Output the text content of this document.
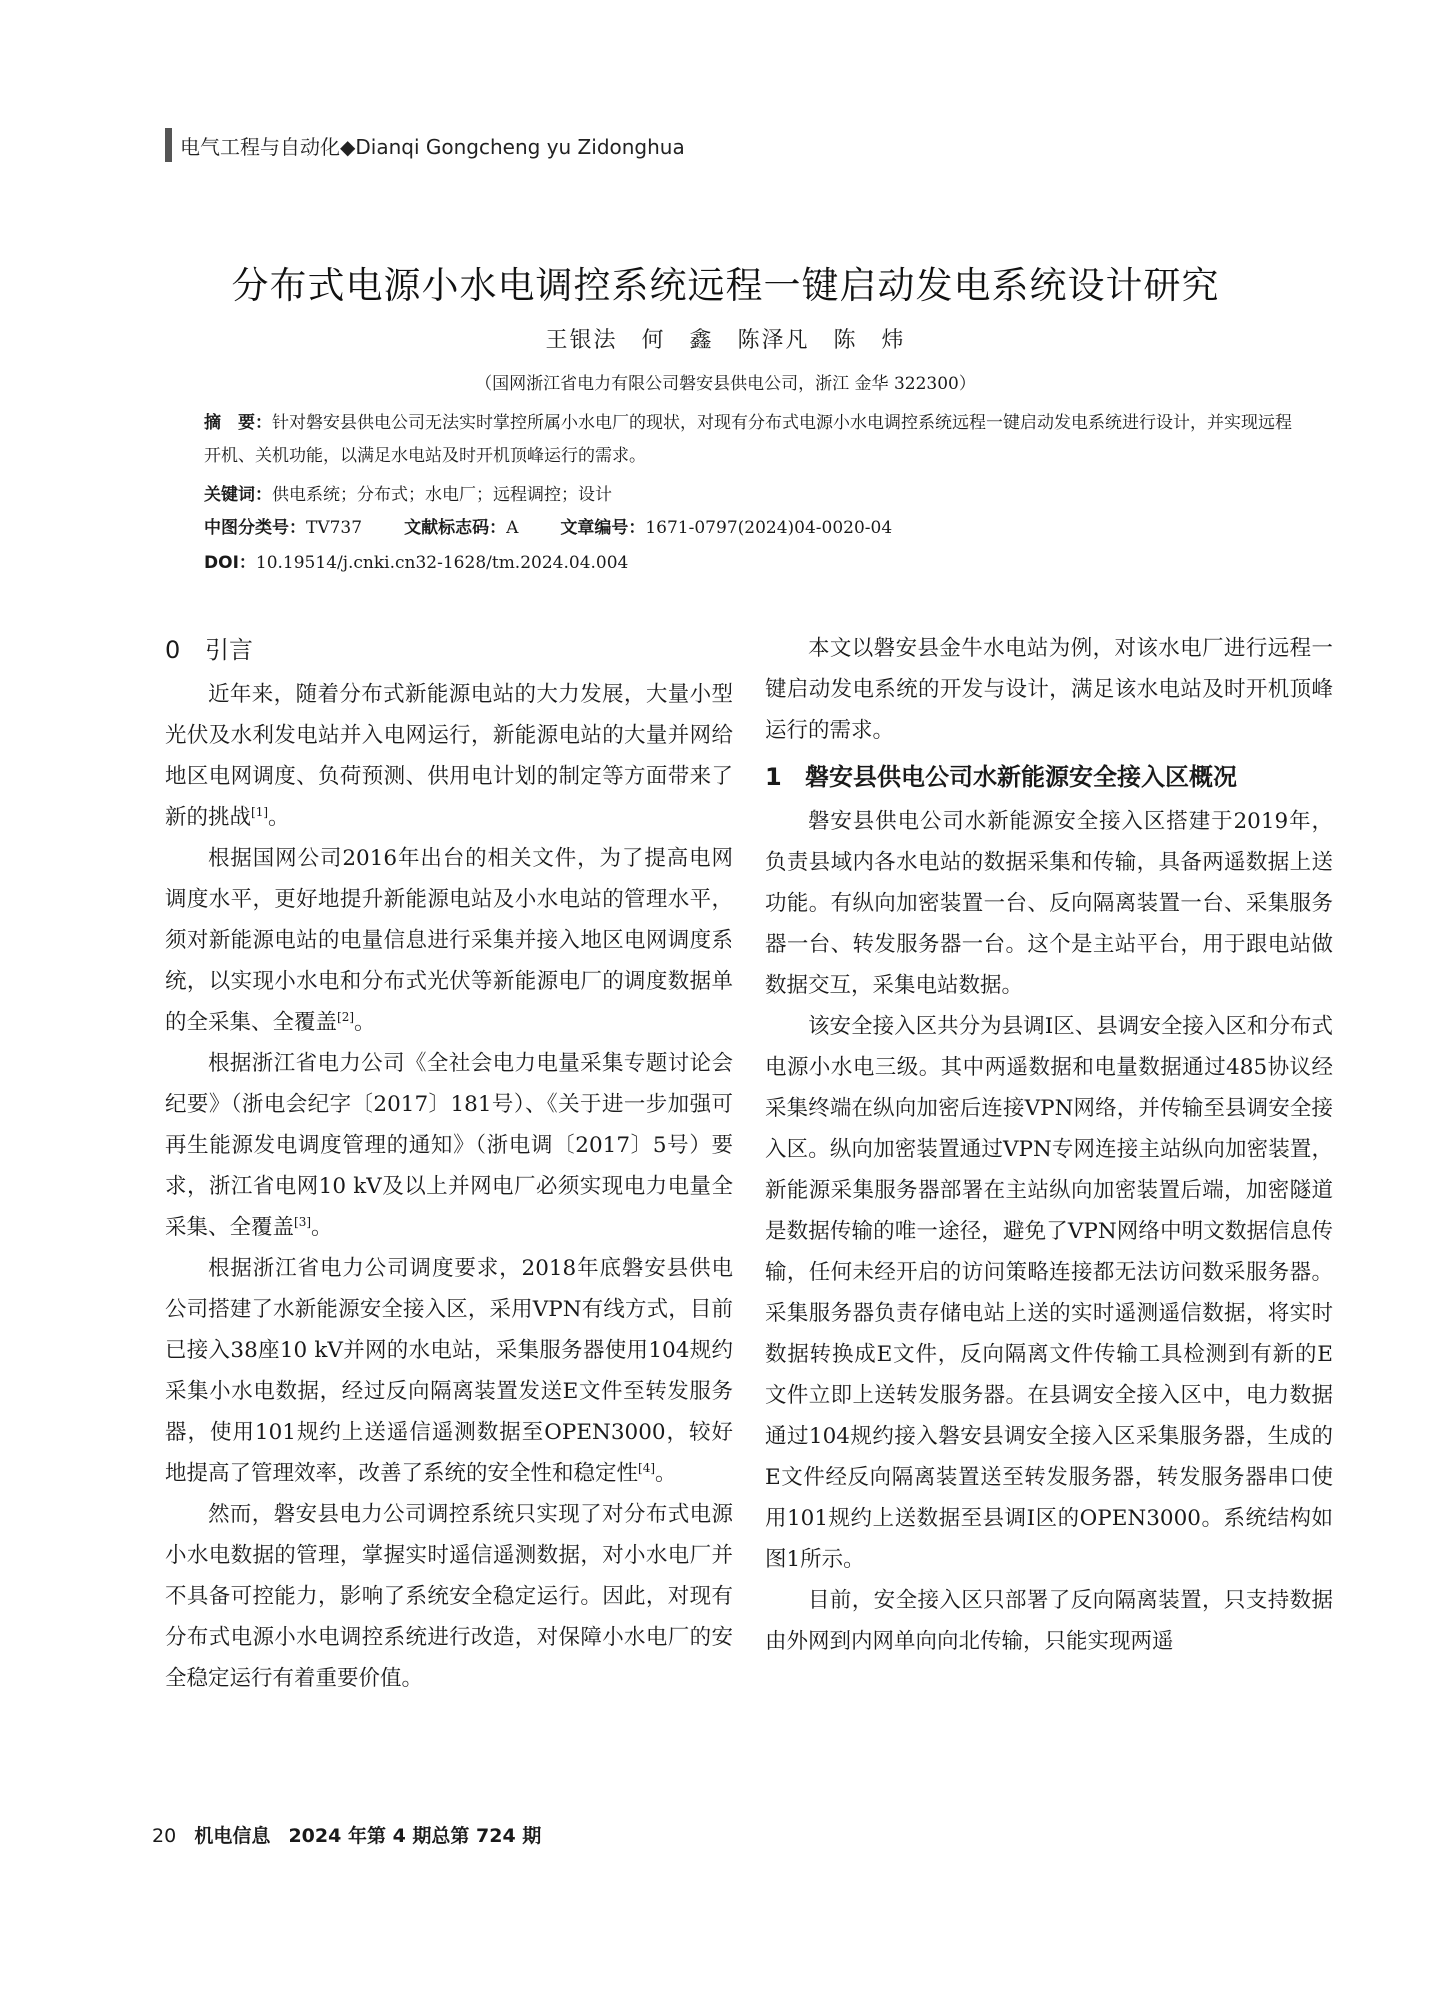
电气工程与自动化◆Dianqi Gongcheng yu Zidonghua
分布式电源小水电调控系统远程一键启动发电系统设计研究
王银法　何　鑫　陈泽凡　陈　炜
（国网浙江省电力有限公司磐安县供电公司，浙江 金华 322300）
摘　要：针对磐安县供电公司无法实时掌控所属小水电厂的现状，对现有分布式电源小水电调控系统远程一键启动发电系统进行设计，并实现远程开机、关机功能，以满足水电站及时开机顶峰运行的需求。
关键词：供电系统；分布式；水电厂；远程调控；设计
中图分类号：TV737 文献标志码：A 文章编号：1671-0797(2024)04-0020-04
DOI：10.19514/j.cnki.cn32-1628/tm.2024.04.004
0 引言

近年来，随着分布式新能源电站的大力发展，大量小型光伏及水利发电站并入电网运行，新能源电站的大量并网给地区电网调度、负荷预测、供用电计划的制定等方面带来了新的挑战[1]。

根据国网公司2016年出台的相关文件，为了提高电网调度水平，更好地提升新能源电站及小水电站的管理水平，须对新能源电站的电量信息进行采集并接入地区电网调度系统，以实现小水电和分布式光伏等新能源电厂的调度数据单的全采集、全覆盖[2]。

根据浙江省电力公司《全社会电力电量采集专题讨论会纪要》（浙电会纪字〔2017〕181号）、《关于进一步加强可再生能源发电调度管理的通知》（浙电调〔2017〕5号）要求，浙江省电网10 kV及以上并网电厂必须实现电力电量全采集、全覆盖[3]。

根据浙江省电力公司调度要求，2018年底磐安县供电公司搭建了水新能源安全接入区，采用VPN有线方式，目前已接入38座10 kV并网的水电站，采集服务器使用104规约采集小水电数据，经过反向隔离装置发送E文件至转发服务器，使用101规约上送遥信遥测数据至OPEN3000，较好地提高了管理效率，改善了系统的安全性和稳定性[4]。

然而，磐安县电力公司调控系统只实现了对分布式电源小水电数据的管理，掌握实时遥信遥测数据，对小水电厂并不具备可控能力，影响了系统安全稳定运行。因此，对现有分布式电源小水电调控系统进行改造，对保障小水电厂的安全稳定运行有着重要价值。

本文以磐安县金牛水电站为例，对该水电厂进行远程一键启动发电系统的开发与设计，满足该水电站及时开机顶峰运行的需求。

1 磐安县供电公司水新能源安全接入区概况

磐安县供电公司水新能源安全接入区搭建于2019年，负责县域内各水电站的数据采集和传输，具备两遥数据上送功能。有纵向加密装置一台、反向隔离装置一台、采集服务器一台、转发服务器一台。这个是主站平台，用于跟电站做数据交互，采集电站数据。

该安全接入区共分为县调Ⅰ区、县调安全接入区和分布式电源小水电三级。其中两遥数据和电量数据通过485协议经采集终端在纵向加密后连接VPN网络，并传输至县调安全接入区。纵向加密装置通过VPN专网连接主站纵向加密装置，新能源采集服务器部署在主站纵向加密装置后端，加密隧道是数据传输的唯一途径，避免了VPN网络中明文数据信息传输，任何未经开启的访问策略连接都无法访问数采服务器。采集服务器负责存储电站上送的实时遥测遥信数据，将实时数据转换成E文件，反向隔离文件传输工具检测到有新的E文件立即上送转发服务器。在县调安全接入区中，电力数据通过104规约接入磐安县调安全接入区采集服务器，生成的E文件经反向隔离装置送至转发服务器，转发服务器串口使用101规约上送数据至县调Ⅰ区的OPEN3000。系统结构如图1所示。

目前，安全接入区只部署了反向隔离装置，只支持数据由外网到内网单向向北传输，只能实现两遥

20 机电信息 2024 年第 4 期总第 724 期
